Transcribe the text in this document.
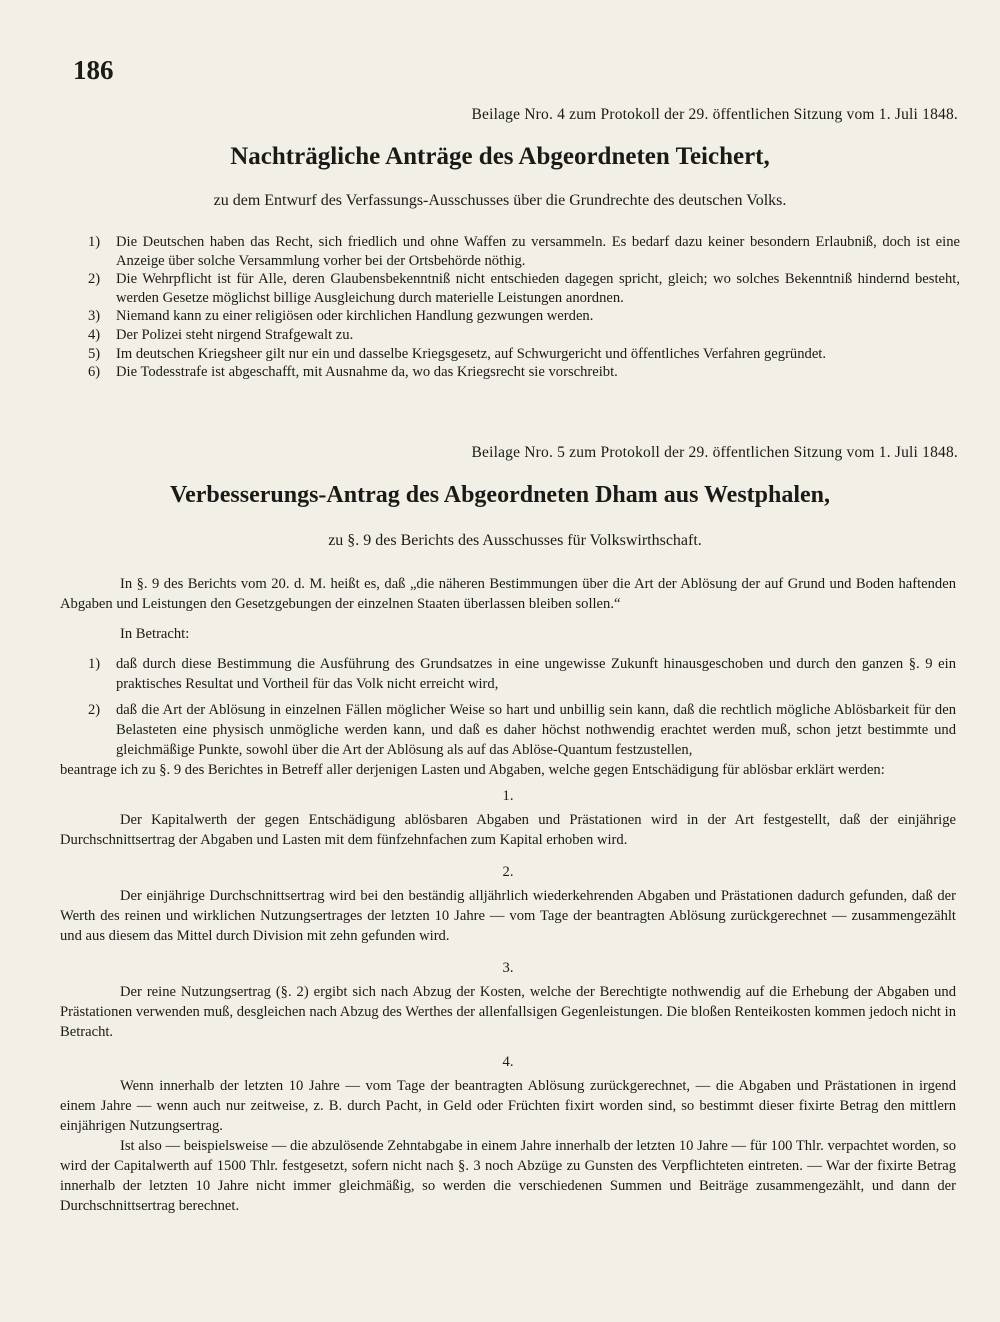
186
Beilage Nro. 4 zum Protokoll der 29. öffentlichen Sitzung vom 1. Juli 1848.
Nachträgliche Anträge des Abgeordneten Teichert,
zu dem Entwurf des Verfassungs-Ausschusses über die Grundrechte des deutschen Volks.
1)	Die Deutschen haben das Recht, sich friedlich und ohne Waffen zu versammeln. Es bedarf dazu keiner besondern Erlaubniß, doch ist eine Anzeige über solche Versammlung vorher bei der Ortsbehörde nöthig.
2)	Die Wehrpflicht ist für Alle, deren Glaubensbekenntniß nicht entschieden dagegen spricht, gleich; wo solches Bekenntniß hindernd besteht, werden Gesetze möglichst billige Ausgleichung durch materielle Leistungen anordnen.
3)	Niemand kann zu einer religiösen oder kirchlichen Handlung gezwungen werden.
4)	Der Polizei steht nirgend Strafgewalt zu.
5)	Im deutschen Kriegsheer gilt nur ein und dasselbe Kriegsgesetz, auf Schwurgericht und öffentliches Verfahren gegründet.
6)	Die Todesstrafe ist abgeschafft, mit Ausnahme da, wo das Kriegsrecht sie vorschreibt.
Beilage Nro. 5 zum Protokoll der 29. öffentlichen Sitzung vom 1. Juli 1848.
Verbesserungs-Antrag des Abgeordneten Dham aus Westphalen,
zu §. 9 des Berichts des Ausschusses für Volkswirthschaft.

In §. 9 des Berichts vom 20. d. M. heißt es, daß „die näheren Bestimmungen über die Art der Ablösung der auf Grund und Boden haftenden Abgaben und Leistungen den Gesetzgebungen der einzelnen Staaten überlassen bleiben sollen.“

In Betracht:

1)	daß durch diese Bestimmung die Ausführung des Grundsatzes in eine ungewisse Zukunft hinausgeschoben und durch den ganzen §. 9 ein praktisches Resultat und Vortheil für das Volk nicht erreicht wird,
2)	daß die Art der Ablösung in einzelnen Fällen möglicher Weise so hart und unbillig sein kann, daß die rechtlich mögliche Ablösbarkeit für den Belasteten eine physisch unmögliche werden kann, und daß es daher höchst nothwendig erachtet werden muß, schon jetzt bestimmte und gleichmäßige Punkte, sowohl über die Art der Ablösung als auf das Ablöse-Quantum festzustellen,

beantrage ich zu §. 9 des Berichtes in Betreff aller derjenigen Lasten und Abgaben, welche gegen Entschädigung für ablösbar erklärt werden:

1.

Der Kapitalwerth der gegen Entschädigung ablösbaren Abgaben und Prästationen wird in der Art festgestellt, daß der einjährige Durchschnittsertrag der Abgaben und Lasten mit dem fünfzehnfachen zum Kapital erhoben wird.

2.

Der einjährige Durchschnittsertrag wird bei den beständig alljährlich wiederkehrenden Abgaben und Prästationen dadurch gefunden, daß der Werth des reinen und wirklichen Nutzungsertrages der letzten 10 Jahre — vom Tage der beantragten Ablösung zurückgerechnet — zusammengezählt und aus diesem das Mittel durch Division mit zehn gefunden wird.

3.

Der reine Nutzungsertrag (§. 2) ergibt sich nach Abzug der Kosten, welche der Berechtigte nothwendig auf die Erhebung der Abgaben und Prästationen verwenden muß, desgleichen nach Abzug des Werthes der allenfallsigen Gegenleistungen. Die bloßen Renteikosten kommen jedoch nicht in Betracht.

4.

Wenn innerhalb der letzten 10 Jahre — vom Tage der beantragten Ablösung zurückgerechnet, — die Abgaben und Prästationen in irgend einem Jahre — wenn auch nur zeitweise, z. B. durch Pacht, in Geld oder Früchten fixirt worden sind, so bestimmt dieser fixirte Betrag den mittlern einjährigen Nutzungsertrag.

Ist also — beispielsweise — die abzulösende Zehntabgabe in einem Jahre innerhalb der letzten 10 Jahre — für 100 Thlr. verpachtet worden, so wird der Capitalwerth auf 1500 Thlr. festgesetzt, sofern nicht nach §. 3 noch Abzüge zu Gunsten des Verpflichteten eintreten. — War der fixirte Betrag innerhalb der letzten 10 Jahre nicht immer gleichmäßig, so werden die verschiedenen Summen und Beiträge zusammengezählt, und dann der Durchschnittsertrag berechnet.
